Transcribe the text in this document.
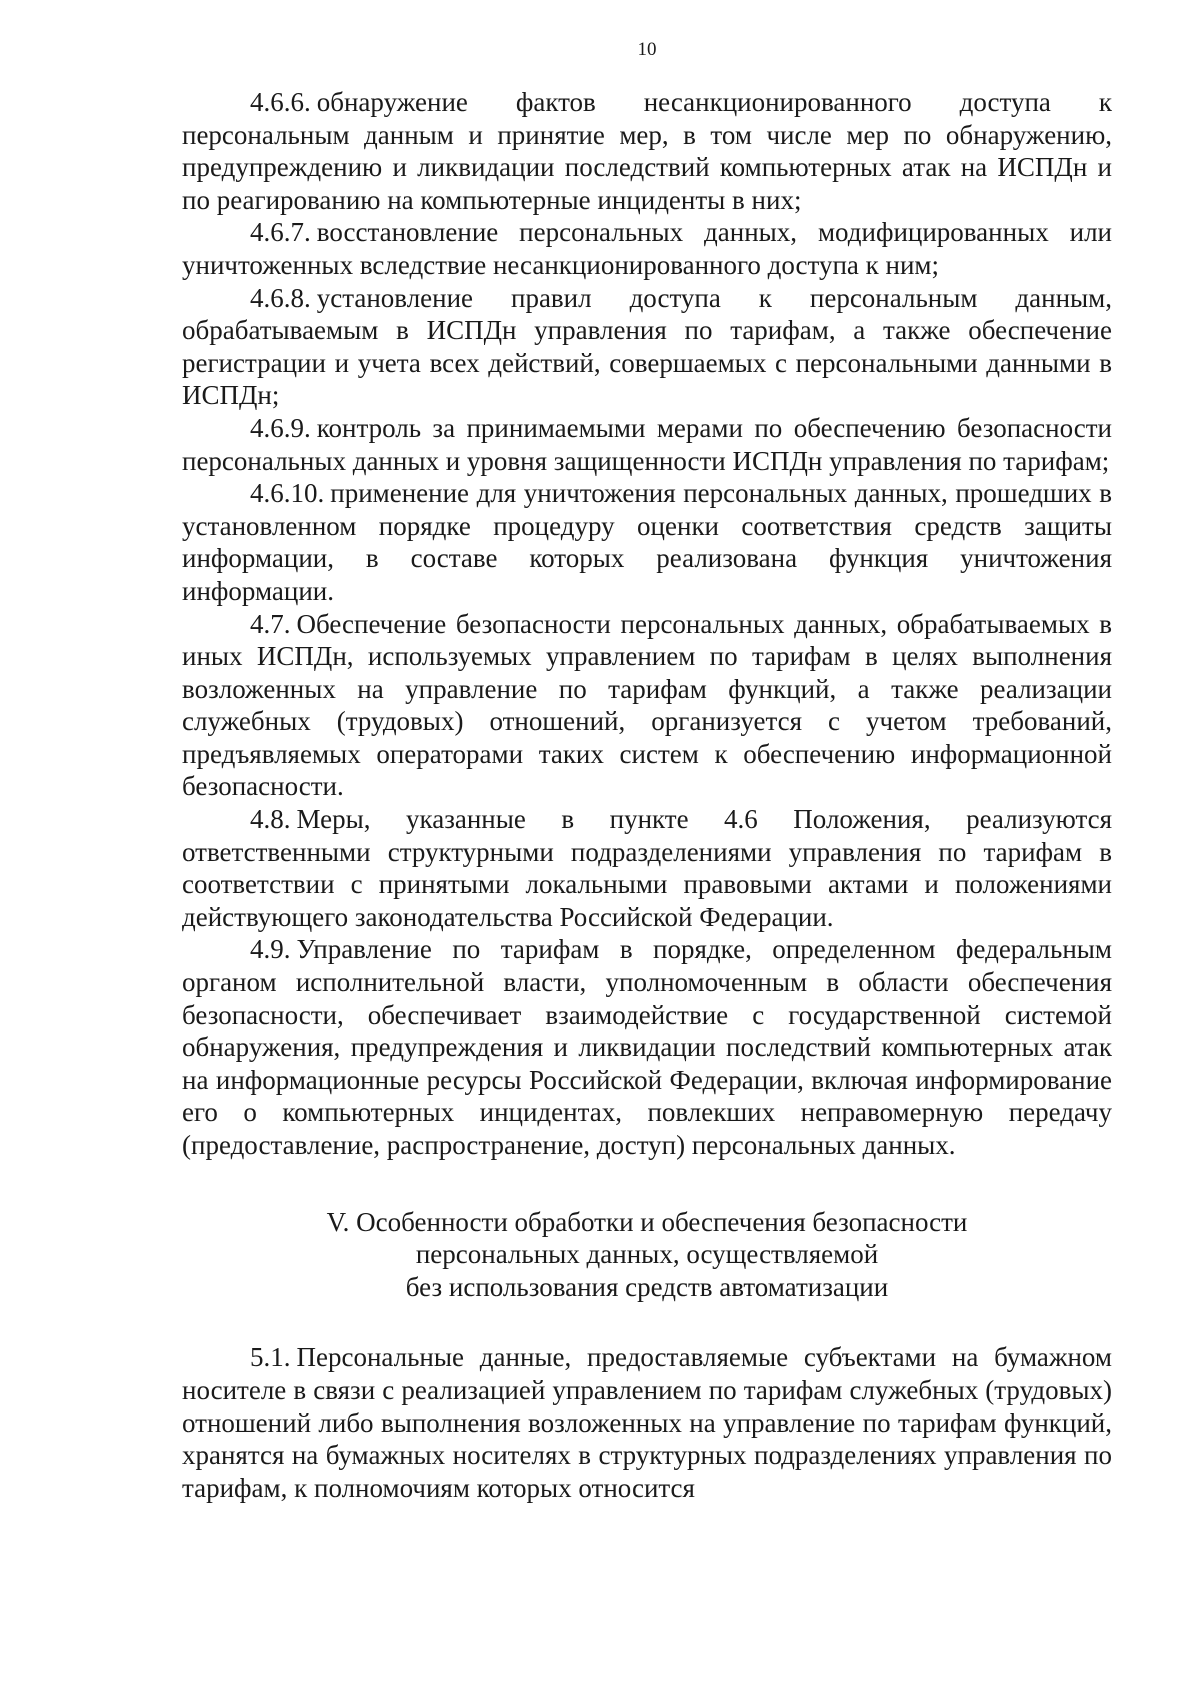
10

4.6.6. обнаружение фактов несанкционированного доступа к персональным данным и принятие мер, в том числе мер по обнаружению, предупреждению и ликвидации последствий компьютерных атак на ИСПДн и по реагированию на компьютерные инциденты в них;

4.6.7. восстановление персональных данных, модифицированных или уничтоженных вследствие несанкционированного доступа к ним;

4.6.8. установление правил доступа к персональным данным, обрабатываемым в ИСПДн управления по тарифам, а также обеспечение регистрации и учета всех действий, совершаемых с персональными данными в ИСПДн;

4.6.9. контроль за принимаемыми мерами по обеспечению безопасности персональных данных и уровня защищенности ИСПДн управления по тарифам;

4.6.10. применение для уничтожения персональных данных, прошедших в установленном порядке процедуру оценки соответствия средств защиты информации, в составе которых реализована функция уничтожения информации.

4.7. Обеспечение безопасности персональных данных, обрабатываемых в иных ИСПДн, используемых управлением по тарифам в целях выполнения возложенных на управление по тарифам функций, а также реализации служебных (трудовых) отношений, организуется с учетом требований, предъявляемых операторами таких систем к обеспечению информационной безопасности.

4.8. Меры, указанные в пункте 4.6 Положения, реализуются ответственными структурными подразделениями управления по тарифам в соответствии с принятыми локальными правовыми актами и положениями действующего законодательства Российской Федерации.

4.9. Управление по тарифам в порядке, определенном федеральным органом исполнительной власти, уполномоченным в области обеспечения безопасности, обеспечивает взаимодействие с государственной системой обнаружения, предупреждения и ликвидации последствий компьютерных атак на информационные ресурсы Российской Федерации, включая информирование его о компьютерных инцидентах, повлекших неправомерную передачу (предоставление, распространение, доступ) персональных данных.

V. Особенности обработки и обеспечения безопасности
персональных данных, осуществляемой
без использования средств автоматизации

5.1. Персональные данные, предоставляемые субъектами на бумажном носителе в связи с реализацией управлением по тарифам служебных (трудовых) отношений либо выполнения возложенных на управление по тарифам функций, хранятся на бумажных носителях в структурных подразделениях управления по тарифам, к полномочиям которых относится
